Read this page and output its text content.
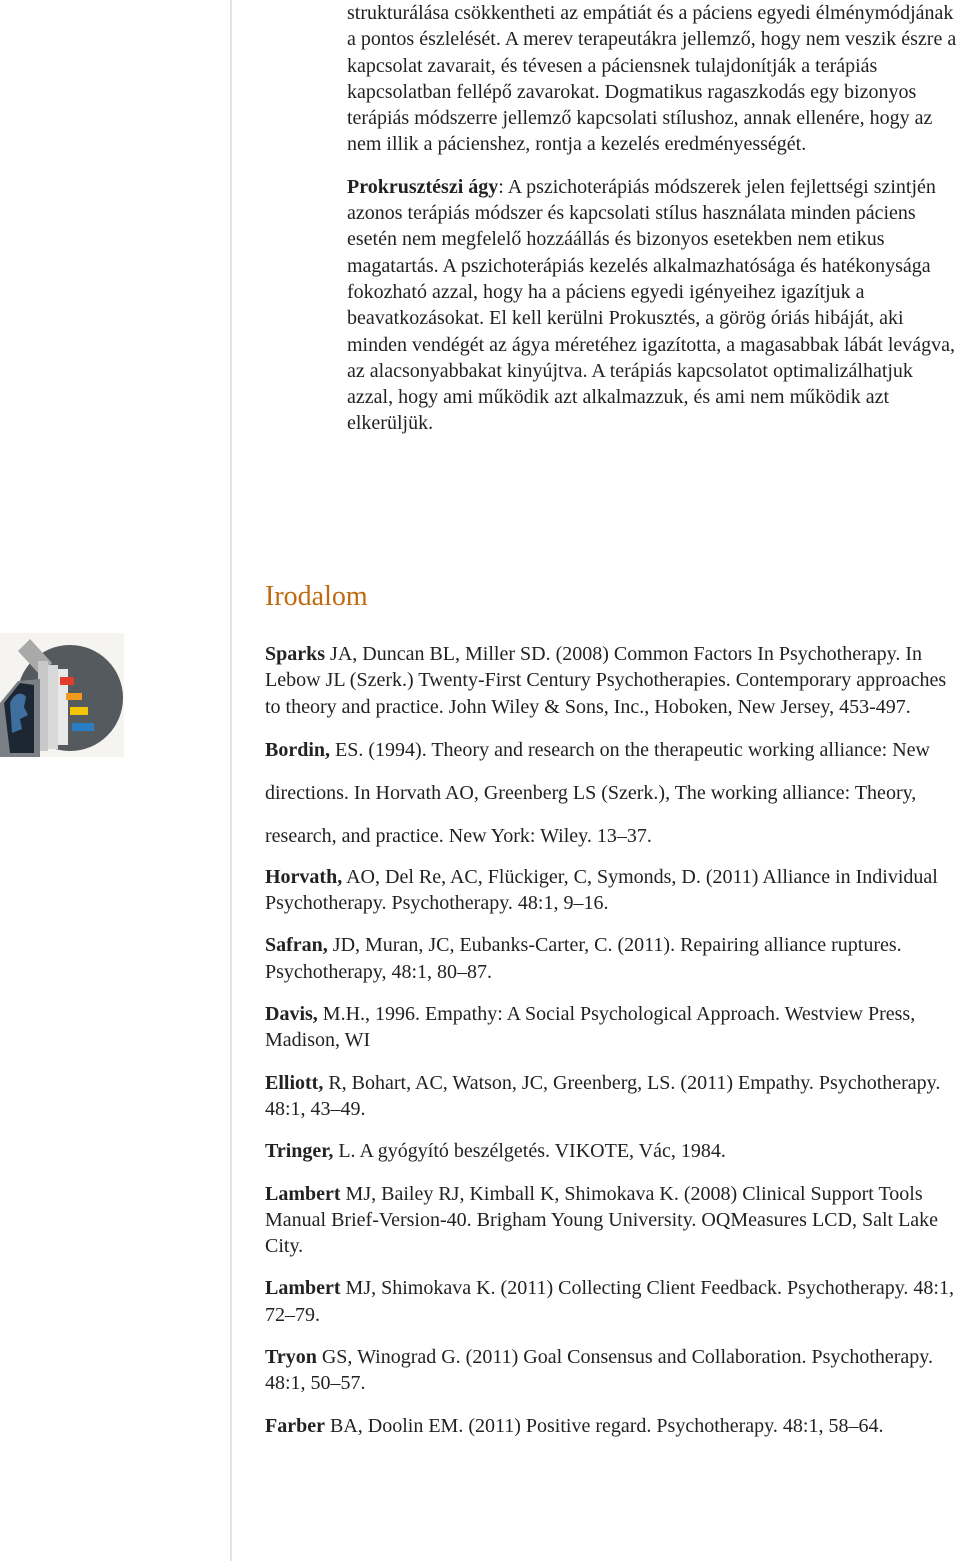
strukturálása csökkentheti az empátiát és a páciens egyedi élménymódjának a pontos észlelését. A merev terapeutákra jellemző, hogy nem veszik észre a kapcsolat zavarait, és tévesen a páciensnek tulajdonítják a terápiás kapcsolatban fellépő zavarokat. Dogmatikus ragaszkodás egy bizonyos terápiás módszerre jellemző kapcsolati stílushoz, annak ellenére, hogy az nem illik a pácienshez, rontja a kezelés eredményességét.

Prokrusztészi ágy: A pszichoterápiás módszerek jelen fejlettségi szintjén azonos terápiás módszer és kapcsolati stílus használata minden páciens esetén nem megfelelő hozzáállás és bizonyos esetekben nem etikus magatartás. A pszichoterápiás kezelés alkalmazhatósága és hatékonysága fokozható azzal, hogy ha a páciens egyedi igényeihez igazítjuk a beavatkozásokat. El kell kerülni Prokusztés, a görög óriás hibáját, aki minden vendégét az ágya méretéhez igazította, a magasabbak lábát levágva, az alacsonyabbakat kinyújtva. A terápiás kapcsolatot optimalizálhatjuk azzal, hogy ami működik azt alkalmazzuk, és ami nem működik azt elkerüljük.

Irodalom

Sparks JA, Duncan BL, Miller SD. (2008) Common Factors In Psychotherapy. In Lebow JL (Szerk.) Twenty-First Century Psychotherapies. Contemporary approaches to theory and practice. John Wiley & Sons, Inc., Hoboken, New Jersey, 453-497.

Bordin, ES. (1994). Theory and research on the therapeutic working alliance: New directions. In Horvath AO, Greenberg LS (Szerk.), The working alliance: Theory, research, and practice. New York: Wiley. 13–37.

Horvath, AO, Del Re, AC, Flückiger, C, Symonds, D. (2011) Alliance in Individual Psychotherapy. Psychotherapy. 48:1, 9–16.

Safran, JD, Muran, JC, Eubanks-Carter, C. (2011). Repairing alliance ruptures. Psychotherapy, 48:1, 80–87.

Davis, M.H., 1996. Empathy: A Social Psychological Approach. Westview Press, Madison, WI

Elliott, R, Bohart, AC, Watson, JC, Greenberg, LS. (2011) Empathy. Psychotherapy. 48:1, 43–49.

Tringer, L. A gyógyító beszélgetés. VIKOTE, Vác, 1984.

Lambert MJ, Bailey RJ, Kimball K, Shimokava K. (2008) Clinical Support Tools Manual Brief-Version-40. Brigham Young University. OQMeasures LCD, Salt Lake City.

Lambert MJ, Shimokava K. (2011) Collecting Client Feedback. Psychotherapy. 48:1, 72–79.

Tryon GS, Winograd G. (2011) Goal Consensus and Collaboration. Psychotherapy. 48:1, 50–57.

Farber BA, Doolin EM. (2011) Positive regard. Psychotherapy. 48:1, 58–64.
